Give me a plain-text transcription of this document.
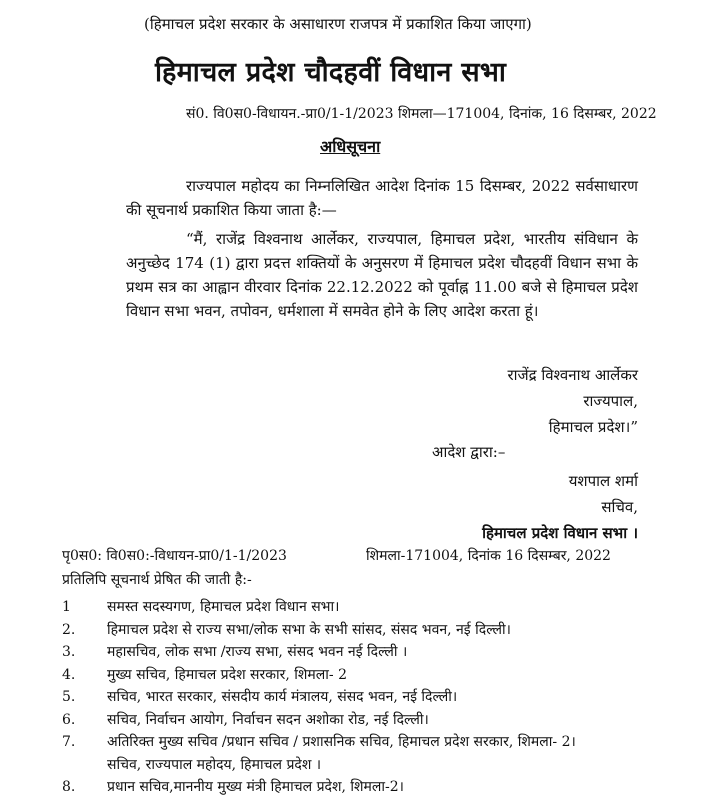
(हिमाचल प्रदेश सरकार के असाधारण राजपत्र में प्रकाशित किया जाएगा)
हिमाचल प्रदेश चौदहवीं विधान सभा
सं0. वि0स0-विधायन.-प्रा0/1-1/2023 शिमला—171004, दिनांक, 16 दिसम्बर, 2022
अधिसूचना
राज्यपाल महोदय का निम्नलिखित आदेश दिनांक 15 दिसम्बर, 2022 सर्वसाधारण की सूचनार्थ प्रकाशित किया जाता है:—
“मैं, राजेंद्र विश्वनाथ आर्लेकर, राज्यपाल, हिमाचल प्रदेश, भारतीय संविधान के अनुच्छेद 174 (1) द्वारा प्रदत्त शक्तियों के अनुसरण में हिमाचल प्रदेश चौदहवीं विधान सभा के प्रथम सत्र का आह्वान वीरवार दिनांक 22.12.2022 को पूर्वाह्न 11.00 बजे से हिमाचल प्रदेश विधान सभा भवन, तपोवन, धर्मशाला में समवेत होने के लिए आदेश करता हूं।
राजेंद्र विश्वनाथ आर्लेकर
राज्यपाल,
हिमाचल प्रदेश।”
आदेश द्वारा:–
यशपाल शर्मा
सचिव,
हिमाचल प्रदेश विधान सभा ।
पृ0स0: वि0स0:-विधायन-प्रा0/1-1/2023	शिमला-171004, दिनांक 16 दिसम्बर, 2022
प्रतिलिपि सूचनार्थ प्रेषित की जाती है:-
1	समस्त सदस्यगण, हिमाचल प्रदेश विधान सभा।
2.	हिमाचल प्रदेश से राज्य सभा/लोक सभा के सभी सांसद, संसद भवन, नई दिल्ली।
3.	महासचिव, लोक सभा /राज्य सभा, संसद भवन नई दिल्ली ।
4.	मुख्य सचिव, हिमाचल प्रदेश सरकार, शिमला- 2
5.	सचिव, भारत सरकार, संसदीय कार्य मंत्रालय, संसद भवन, नई दिल्ली।
6.	सचिव, निर्वाचन आयोग, निर्वाचन सदन अशोका रोड, नई दिल्ली।
7.	अतिरिक्त मुख्य सचिव /प्रधान सचिव / प्रशासनिक सचिव, हिमाचल प्रदेश सरकार, शिमला- 2।
सचिव, राज्यपाल महोदय, हिमाचल प्रदेश ।
8.	प्रधान सचिव,माननीय मुख्य मंत्री हिमाचल प्रदेश, शिमला-2।
